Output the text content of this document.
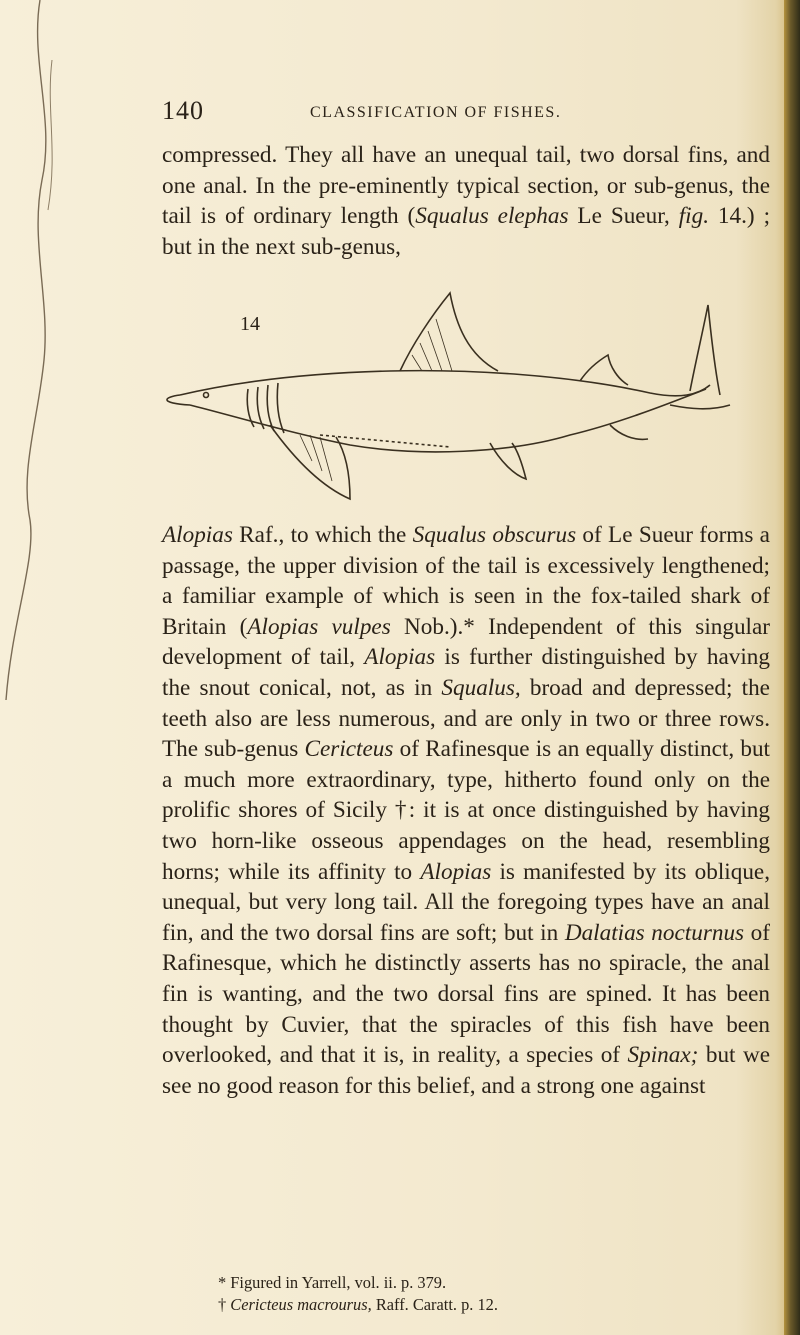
140	CLASSIFICATION OF FISHES.
compressed. They all have an unequal tail, two dorsal fins, and one anal. In the pre-eminently typical section, or sub-genus, the tail is of ordinary length (Squalus elephas Le Sueur, fig. 14.) ; but in the next sub-genus,
14
Alopias Raf., to which the Squalus obscurus of Le Sueur forms a passage, the upper division of the tail is excessively lengthened; a familiar example of which is seen in the fox-tailed shark of Britain (Alopias vulpes Nob.).* Independent of this singular development of tail, Alopias is further distinguished by having the snout conical, not, as in Squalus, broad and depressed; the teeth also are less numerous, and are only in two or three rows. The sub-genus Cerictеus of Rafinesque is an equally distinct, but a much more extraordinary, type, hitherto found only on the prolific shores of Sicily †: it is at once distinguished by having two horn-like osseous appendages on the head, resembling horns; while its affinity to Alopias is manifested by its oblique, unequal, but very long tail. All the foregoing types have an anal fin, and the two dorsal fins are soft; but in Dalatias nocturnus of Rafinesque, which he distinctly asserts has no spiracle, the anal fin is wanting, and the two dorsal fins are spined. It has been thought by Cuvier, that the spiracles of this fish have been overlooked, and that it is, in reality, a species of Spinax; but we see no good reason for this belief, and a strong one against
* Figured in Yarrell, vol. ii. p. 379.
† Cericteus macrourus, Raff. Caratt. p. 12.
